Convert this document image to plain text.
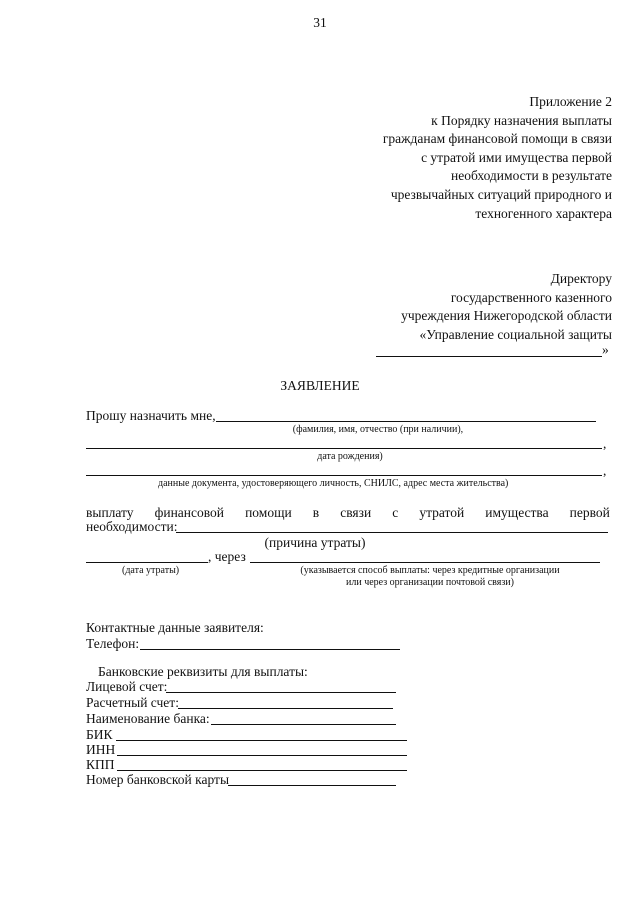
31
Приложение 2
к Порядку назначения выплаты
гражданам финансовой помощи в связи
с утратой ими имущества первой
необходимости в результате
чрезвычайных ситуаций природного и
техногенного характера
Директору
государственного казенного
учреждения Нижегородской области
«Управление социальной защиты
»
ЗАЯВЛЕНИЕ
Прошу назначить мне,
(фамилия, имя, отчество (при наличии),
,
дата рождения)
,
данные документа, удостоверяющего личность, СНИЛС, адрес места жительства)
выплату финансовой помощи в связи с утратой имущества первой
необходимости:
(причина утраты)
, через
(дата утраты)	(указывается способ выплаты: через кредитные организации
или через организации почтовой связи)
Контактные данные заявителя:
Телефон:
Банковские реквизиты для выплаты:
Лицевой счет:
Расчетный счет:
Наименование банка:
БИК
ИНН
КПП
Номер банковской карты
